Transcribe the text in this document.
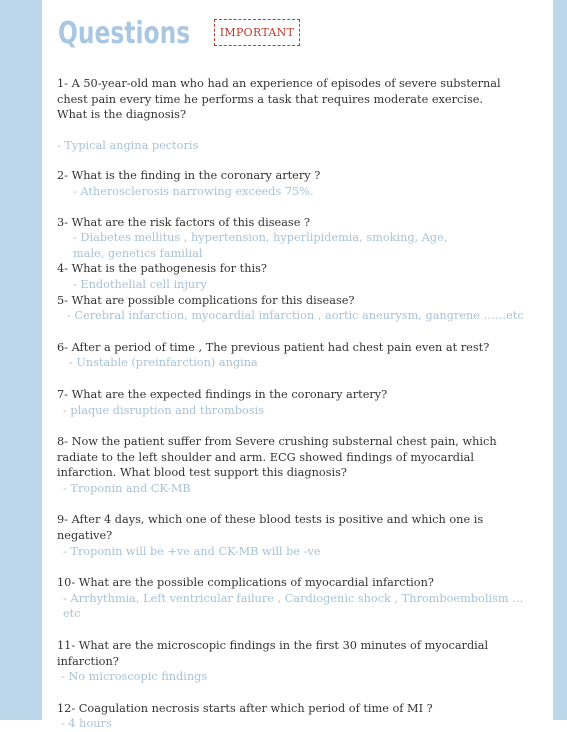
Questions	IMPORTANT

1- A 50-year-old man who had an experience of episodes of severe substernal chest pain every time he performs a task that requires moderate exercise. What is the diagnosis?

- Typical angina pectoris

2- What is the finding in the coronary artery ?

- Atherosclerosis narrowing exceeds 75%.

3- What are the risk factors of this disease ?

- Diabetes mellitus , hypertension, hyperlipidemia, smoking, Age, male, genetics familial

4- What is the pathogenesis for this?

- Endothelial cell injury

5- What are possible complications for this disease?

- Cerebral infarction, myocardial infarction , aortic aneurysm, gangrene ……etc

6- After a period of time , The previous patient had chest pain even at rest?

- Unstable (preinfarction) angina

7- What are the expected findings in the coronary artery?

- plaque disruption and thrombosis

8- Now the patient suffer from Severe crushing substernal chest pain, which radiate to the left shoulder and arm. ECG showed findings of myocardial infarction. What blood test support this diagnosis?

- Troponin and CK-MB

9- After 4 days, which one of these blood tests is positive and which one is negative?

- Troponin will be +ve and CK-MB will be -ve

10- What are the possible complications of myocardial infarction?

- Arrhythmia, Left ventricular failure , Cardiogenic shock , Thromboembolism …etc

11- What are the microscopic findings in the first 30 minutes of myocardial infarction?

- No microscopic findings

12- Coagulation necrosis starts after which period of time of MI ?

- 4 hours
